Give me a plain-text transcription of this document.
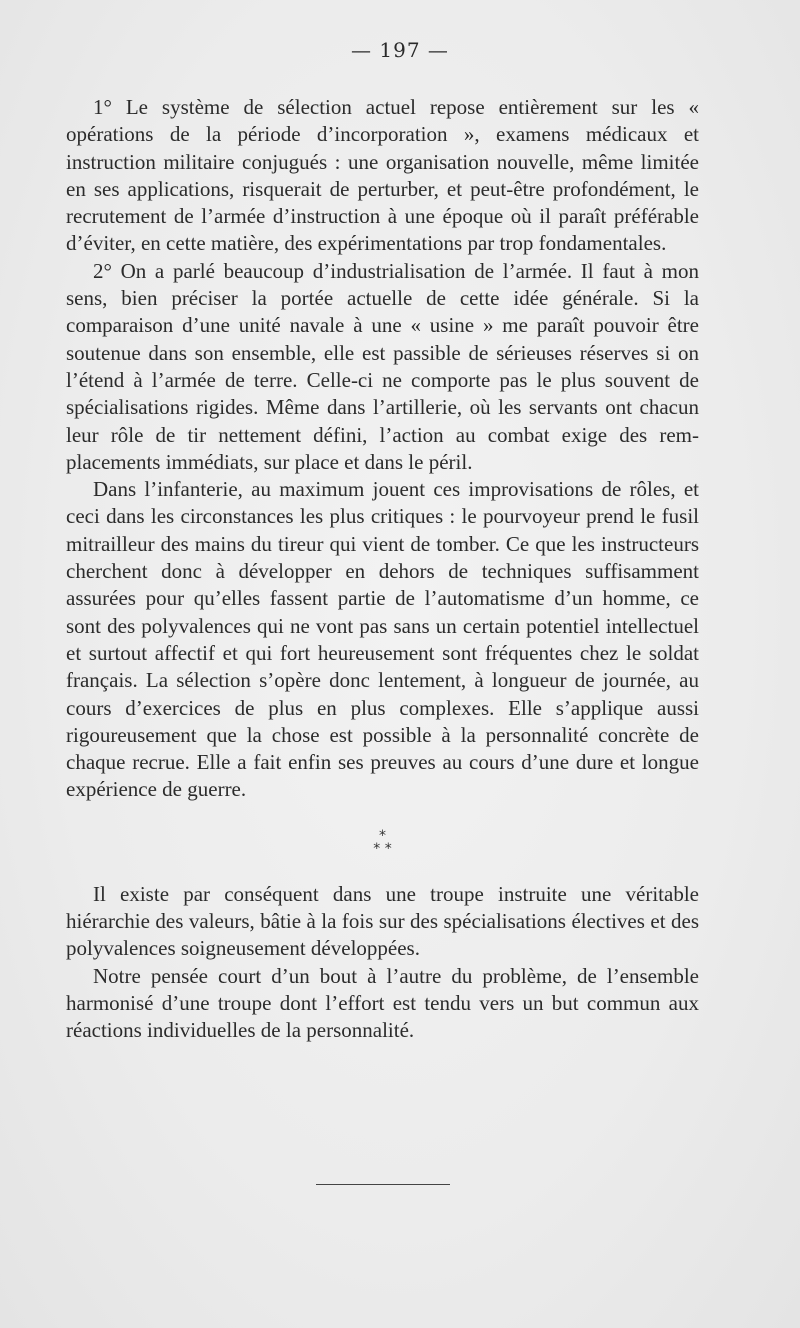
— 197 —

1° Le système de sélection actuel repose entièrement sur les « opérations de la période d’incorporation », examens médicaux et instruction militaire conjugués : une organisation nouvelle, même limitée en ses applications, risquerait de perturber, et peut-être profondément, le recrutement de l’armée d’instruction à une époque où il paraît préférable d’éviter, en cette matière, des expérimentations par trop fondamentales.

2° On a parlé beaucoup d’industrialisation de l’armée. Il faut à mon sens, bien préciser la portée actuelle de cette idée générale. Si la comparaison d’une unité navale à une « usine » me paraît pouvoir être soutenue dans son ensemble, elle est passible de sérieuses réserves si on l’étend à l’armée de terre. Celle-ci ne comporte pas le plus souvent de spécialisations rigides. Même dans l’artillerie, où les servants ont chacun leur rôle de tir nettement défini, l’action au combat exige des remplacements immédiats, sur place et dans le péril.

Dans l’infanterie, au maximum jouent ces improvisations de rôles, et ceci dans les circonstances les plus critiques : le pourvoyeur prend le fusil mitrailleur des mains du tireur qui vient de tomber. Ce que les instructeurs cherchent donc à développer en dehors de techniques suffisamment assurées pour qu’elles fassent partie de l’automatisme d’un homme, ce sont des polyvalences qui ne vont pas sans un certain potentiel intellectuel et surtout affectif et qui fort heureusement sont fréquentes chez le soldat français. La sélection s’opère donc lentement, à longueur de journée, au cours d’exercices de plus en plus complexes. Elle s’applique aussi rigoureusement que la chose est possible à la personnalité concrète de chaque recrue. Elle a fait enfin ses preuves au cours d’une dure et longue expérience de guerre.

*
* *

Il existe par conséquent dans une troupe instruite une véritable hiérarchie des valeurs, bâtie à la fois sur des spécialisations électives et des polyvalences soigneusement développées.

Notre pensée court d’un bout à l’autre du problème, de l’ensemble harmonisé d’une troupe dont l’effort est tendu vers un but commun aux réactions individuelles de la personnalité.
